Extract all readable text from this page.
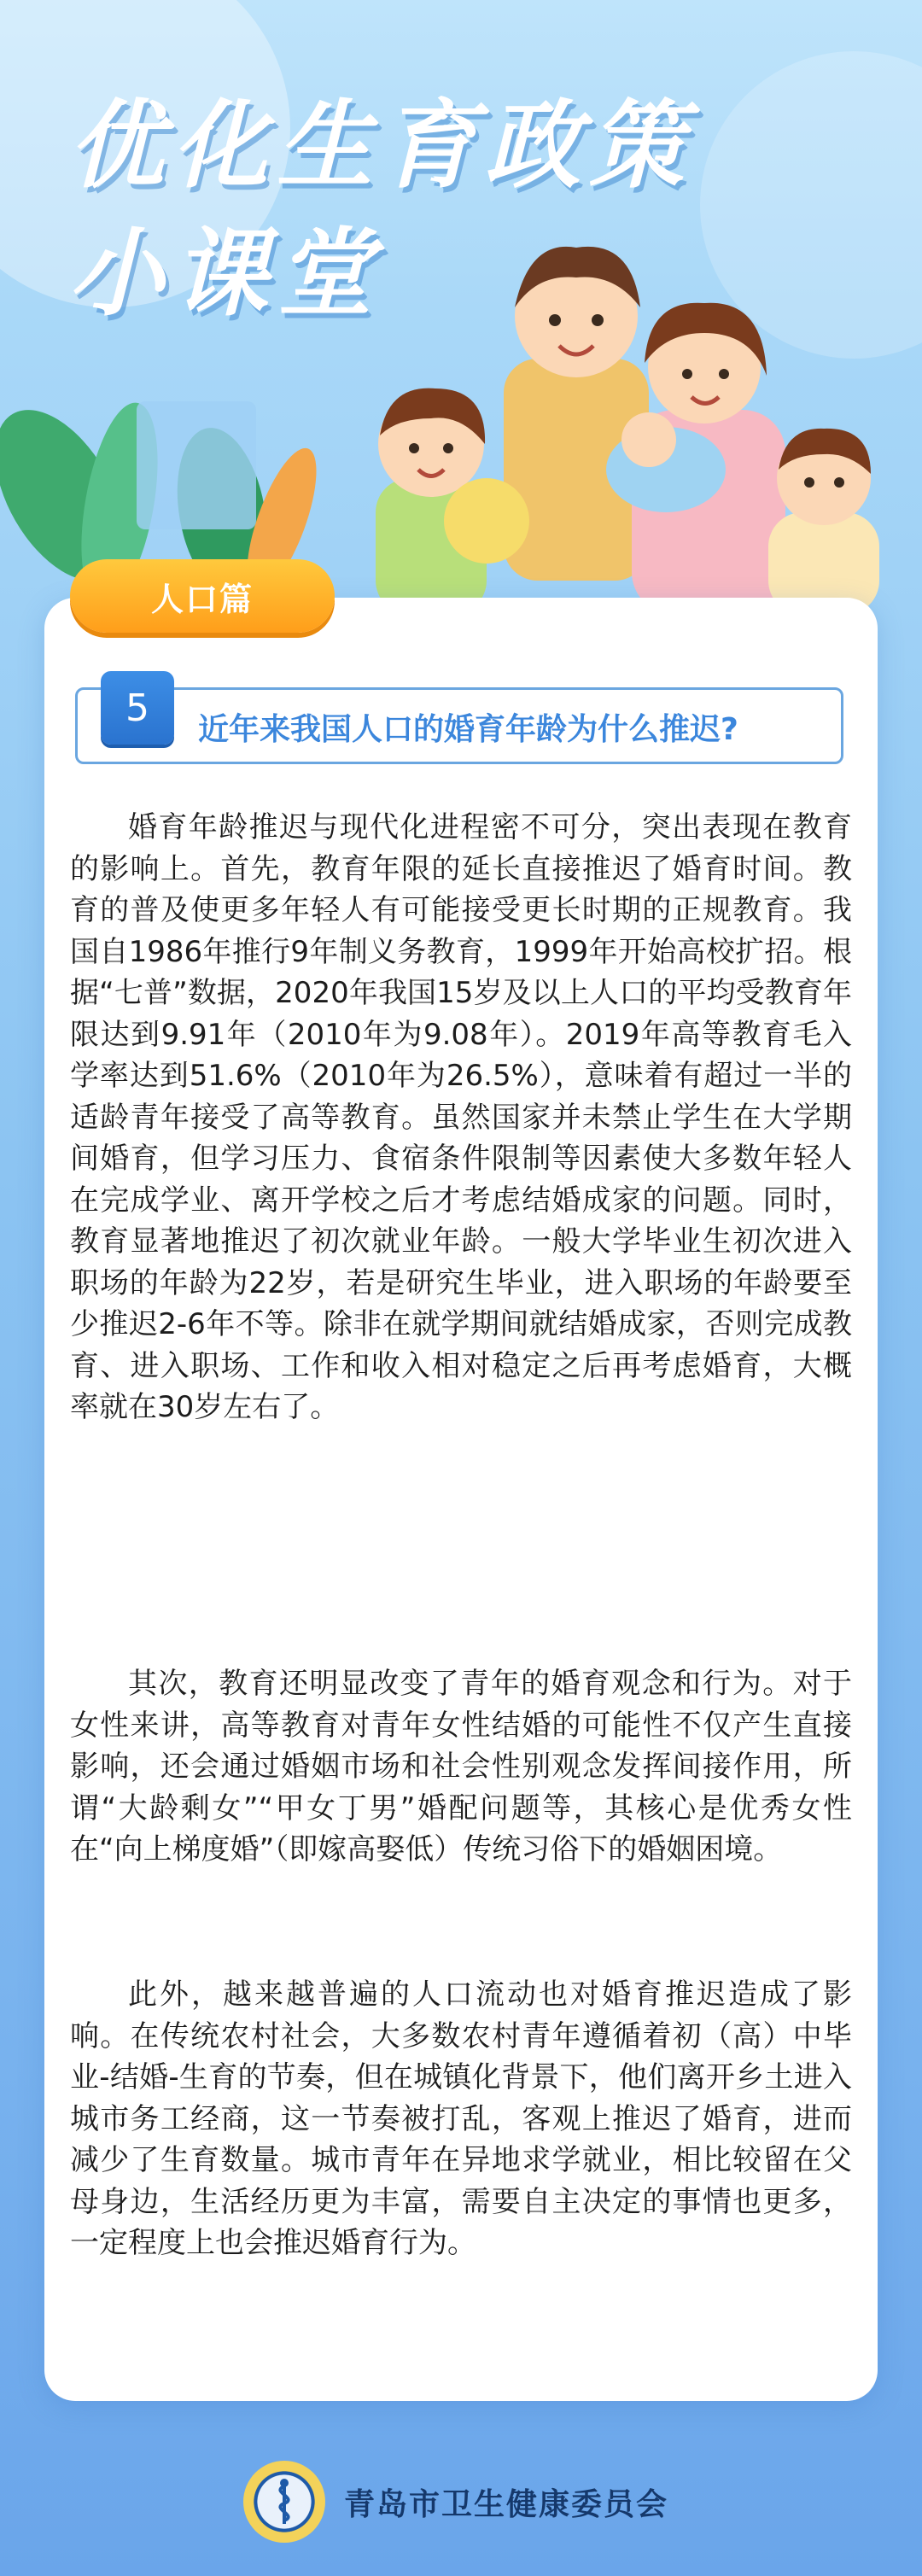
优化生育政策
小课堂
人口篇
5	近年来我国人口的婚育年龄为什么推迟?

婚育年龄推迟与现代化进程密不可分，突出表现在教育的影响上。首先，教育年限的延长直接推迟了婚育时间。教育的普及使更多年轻人有可能接受更长时期的正规教育。我国自1986年推行9年制义务教育，1999年开始高校扩招。根据“七普”数据，2020年我国15岁及以上人口的平均受教育年限达到9.91年（2010年为9.08年）。2019年高等教育毛入学率达到51.6%（2010年为26.5%），意味着有超过一半的适龄青年接受了高等教育。虽然国家并未禁止学生在大学期间婚育，但学习压力、食宿条件限制等因素使大多数年轻人在完成学业、离开学校之后才考虑结婚成家的问题。同时，教育显著地推迟了初次就业年龄。一般大学毕业生初次进入职场的年龄为22岁，若是研究生毕业，进入职场的年龄要至少推迟2-6年不等。除非在就学期间就结婚成家，否则完成教育、进入职场、工作和收入相对稳定之后再考虑婚育，大概率就在30岁左右了。

其次，教育还明显改变了青年的婚育观念和行为。对于女性来讲，高等教育对青年女性结婚的可能性不仅产生直接影响，还会通过婚姻市场和社会性别观念发挥间接作用，所谓“大龄剩女”“甲女丁男”婚配问题等，其核心是优秀女性在“向上梯度婚”（即嫁高娶低）传统习俗下的婚姻困境。

此外，越来越普遍的人口流动也对婚育推迟造成了影响。在传统农村社会，大多数农村青年遵循着初（高）中毕业-结婚-生育的节奏，但在城镇化背景下，他们离开乡土进入城市务工经商，这一节奏被打乱，客观上推迟了婚育，进而减少了生育数量。城市青年在异地求学就业，相比较留在父母身边，生活经历更为丰富，需要自主决定的事情也更多，一定程度上也会推迟婚育行为。

青岛市卫生健康委员会
